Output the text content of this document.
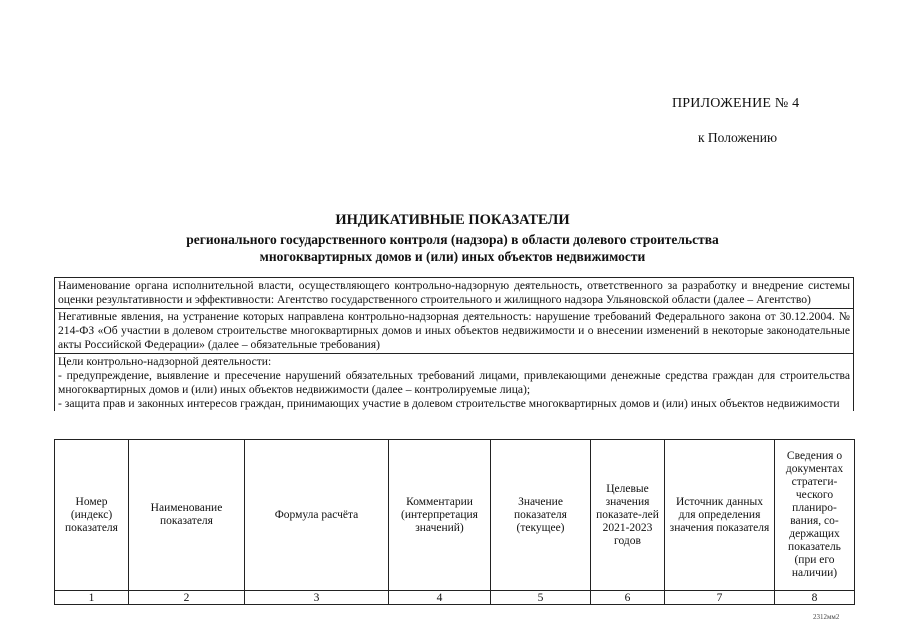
ПРИЛОЖЕНИЕ № 4
к Положению
ИНДИКАТИВНЫЕ ПОКАЗАТЕЛИ
регионального государственного контроля (надзора) в области долевого строительства
многоквартирных домов и (или) иных объектов недвижимости
Наименование органа исполнительной власти, осуществляющего контрольно-надзорную деятельность, ответственного за разработку и внедрение системы оценки результативности и эффективности: Агентство государственного строительного и жилищного надзора Ульяновской области (далее – Агентство)
Негативные явления, на устранение которых направлена контрольно-надзорная деятельность: нарушение требований Федерального закона от 30.12.2004. № 214-ФЗ «Об участии в долевом строительстве многоквартирных домов и иных объектов недвижимости и о внесении изменений в некоторые законодательные акты Российской Федерации» (далее – обязательные требования)
Цели контрольно-надзорной деятельности:
- предупреждение, выявление и пресечение нарушений обязательных требований лицами, привлекающими денежные средства граждан для строительства многоквартирных домов и (или) иных объектов недвижимости (далее – контролируемые лица);
- защита прав и законных интересов граждан, принимающих участие в долевом строительстве многоквартирных домов и (или) иных объектов недвижимости
Номер (индекс) показателя	Наименование показателя	Формула расчёта	Комментарии (интерпретация значений)	Значение показателя (текущее)	Целевые значения показате-лей 2021-2023 годов	Источник данных для определения значения показателя	Сведения о документах стратеги-ческого планиро-вания, со-держащих показатель (при его наличии)
1	2	3	4	5	6	7	8
2312мм2
